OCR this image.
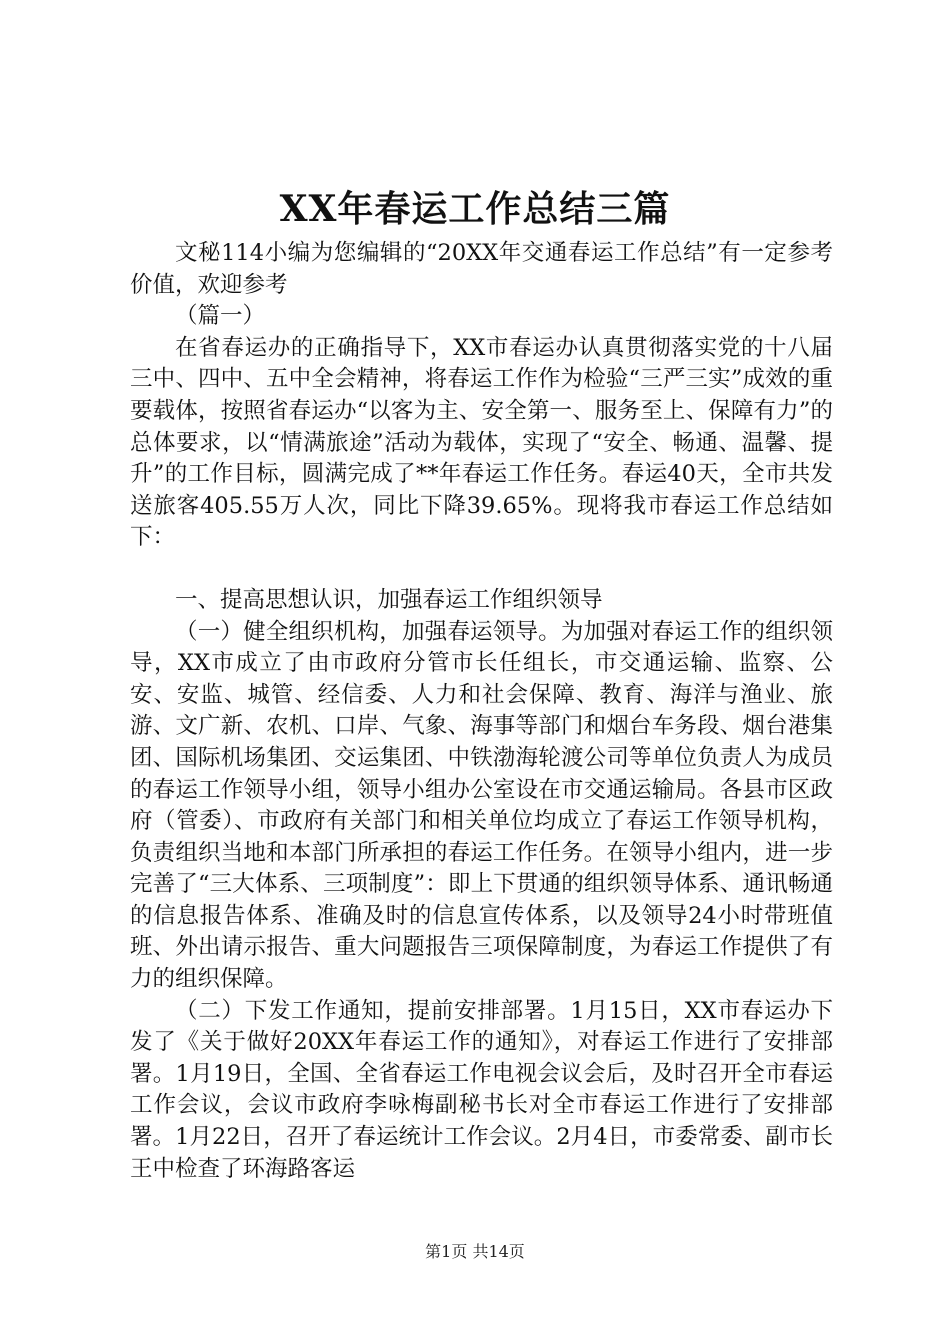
XX年春运工作总结三篇

文秘114小编为您编辑的“20XX年交通春运工作总结”有一定参考价值，欢迎参考

（篇一）

在省春运办的正确指导下，XX市春运办认真贯彻落实党的十八届三中、四中、五中全会精神，将春运工作作为检验“三严三实”成效的重要载体，按照省春运办“以客为主、安全第一、服务至上、保障有力”的总体要求，以“情满旅途”活动为载体，实现了“安全、畅通、温馨、提升”的工作目标，圆满完成了**年春运工作任务。春运40天，全市共发送旅客405.55万人次，同比下降39.65%。现将我市春运工作总结如下：

一、提高思想认识，加强春运工作组织领导

（一）健全组织机构，加强春运领导。为加强对春运工作的组织领导，XX市成立了由市政府分管市长任组长，市交通运输、监察、公安、安监、城管、经信委、人力和社会保障、教育、海洋与渔业、旅游、文广新、农机、口岸、气象、海事等部门和烟台车务段、烟台港集团、国际机场集团、交运集团、中铁渤海轮渡公司等单位负责人为成员的春运工作领导小组，领导小组办公室设在市交通运输局。各县市区政府（管委）、市政府有关部门和相关单位均成立了春运工作领导机构，负责组织当地和本部门所承担的春运工作任务。在领导小组内，进一步完善了“三大体系、三项制度”：即上下贯通的组织领导体系、通讯畅通的信息报告体系、准确及时的信息宣传体系，以及领导24小时带班值班、外出请示报告、重大问题报告三项保障制度，为春运工作提供了有力的组织保障。

（二）下发工作通知，提前安排部署。1月15日，XX市春运办下发了《关于做好20XX年春运工作的通知》，对春运工作进行了安排部署。1月19日，全国、全省春运工作电视会议会后，及时召开全市春运工作会议，会议市政府李咏梅副秘书长对全市春运工作进行了安排部署。1月22日，召开了春运统计工作会议。2月4日，市委常委、副市长王中检查了环海路客运

第1页 共14页
